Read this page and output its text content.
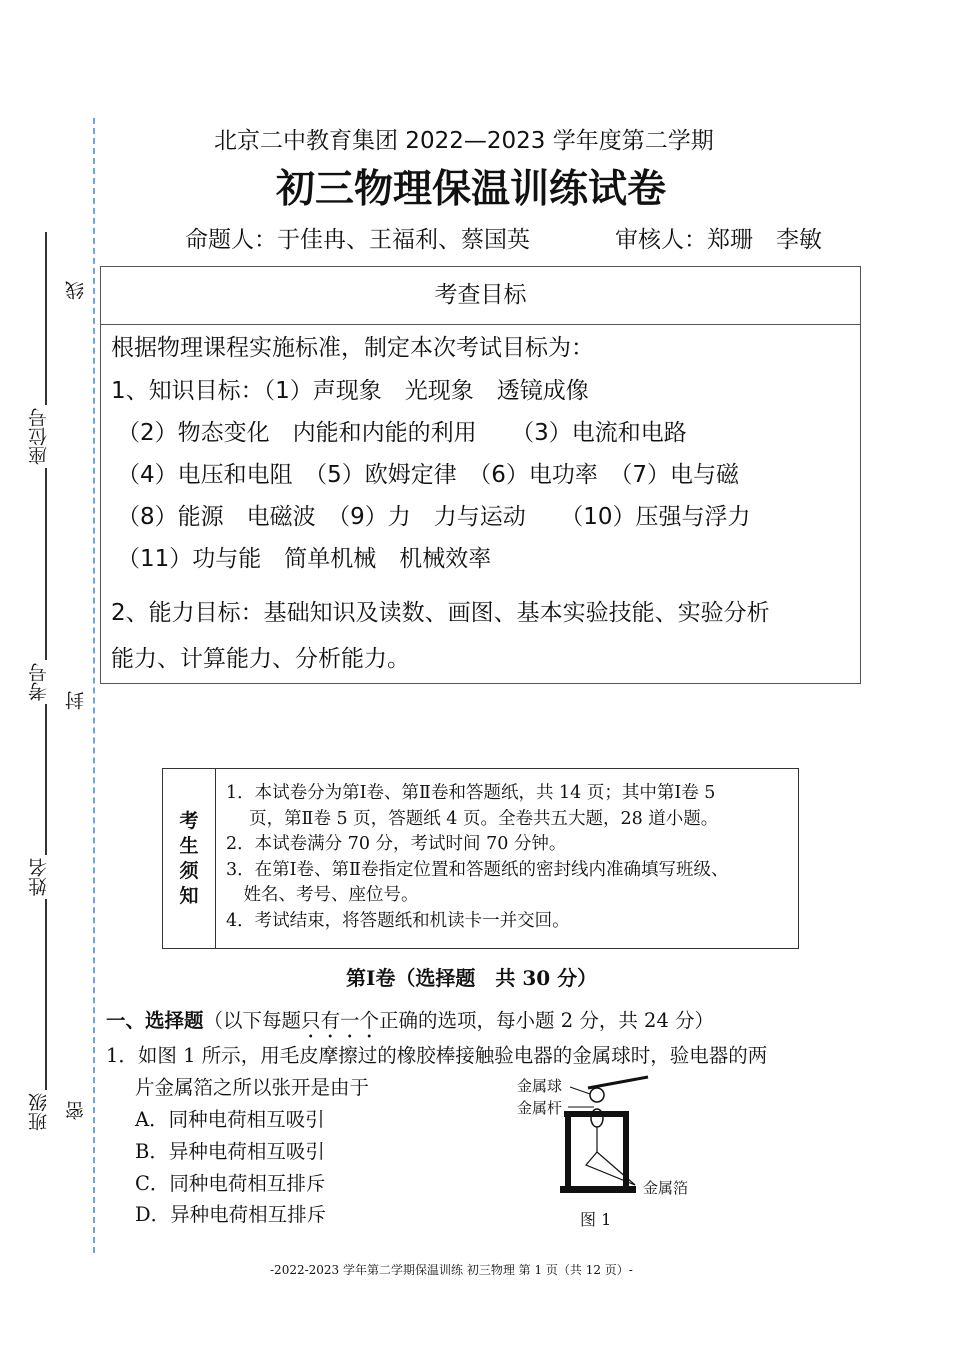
座位号
考号
姓名
班级
线
封
密
北京二中教育集团 2022—2023 学年度第二学期
初三物理保温训练试卷
命题人：于佳冉、王福利、蔡国英	审核人：郑珊　李敏
考查目标
根据物理课程实施标准，制定本次考试目标为：
1、知识目标：（1）声现象　光现象　透镜成像
（2）物态变化　内能和内能的利用　　（3）电流和电路
（4）电压和电阻　（5）欧姆定律　（6）电功率　（7）电与磁
（8）能源　电磁波　（9）力　力与运动　　（10）压强与浮力
（11）功与能　简单机械　机械效率
2、能力目标：基础知识及读数、画图、基本实验技能、实验分析
能力、计算能力、分析能力。
考
生
须
知
1．本试卷分为第Ⅰ卷、第Ⅱ卷和答题纸，共 14 页；其中第Ⅰ卷 5
　 页，第Ⅱ卷 5 页，答题纸 4 页。全卷共五大题，28 道小题。
2．本试卷满分 70 分，考试时间 70 分钟。
3．在第Ⅰ卷、第Ⅱ卷指定位置和答题纸的密封线内准确填写班级、
　姓名、考号、座位号。
4．考试结束，将答题纸和机读卡一并交回。
第Ⅰ卷（选择题　共 30 分）
一、选择题（以下每题只有一个正确的选项，每小题 2 分，共 24 分）
1．如图 1 所示，用毛皮摩擦过的橡胶棒接触验电器的金属球时，验电器的两
片金属箔之所以张开是由于
A．同种电荷相互吸引
B．异种电荷相互吸引
C．同种电荷相互排斥
D．异种电荷相互排斥
金属球
金属杆
金属箔
图 1
-2022-2023 学年第二学期保温训练 初三物理 第 1 页（共 12 页）-
